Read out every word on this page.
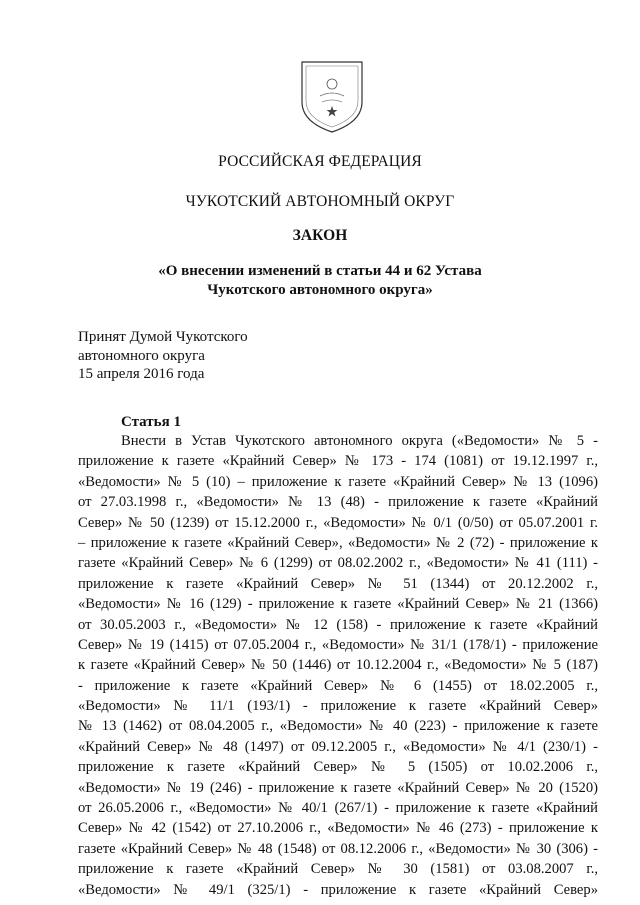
РОССИЙСКАЯ ФЕДЕРАЦИЯ
ЧУКОТСКИЙ АВТОНОМНЫЙ ОКРУГ
ЗАКОН
«О внесении изменений в статьи 44 и 62 Устава
Чукотского автономного округа»
Принят Думой Чукотского
автономного округа
15 апреля 2016 года
Статья 1
Внести в Устав Чукотского автономного округа («Ведомости» № 5 -
приложение к газете «Крайний Север» № 173 - 174 (1081) от 19.12.1997 г.,
«Ведомости» № 5 (10) – приложение к газете «Крайний Север» № 13 (1096)
от 27.03.1998 г., «Ведомости» № 13 (48) - приложение к газете «Крайний
Север» № 50 (1239) от 15.12.2000 г., «Ведомости» № 0/1 (0/50) от 05.07.2001 г.
– приложение к газете «Крайний Север», «Ведомости» № 2 (72) - приложение к
газете «Крайний Север» № 6 (1299) от 08.02.2002 г., «Ведомости» № 41 (111) -
приложение к газете «Крайний Север» № 51 (1344) от 20.12.2002 г.,
«Ведомости» № 16 (129) - приложение к газете «Крайний Север» № 21 (1366)
от 30.05.2003 г., «Ведомости» № 12 (158) - приложение к газете «Крайний
Север» № 19 (1415) от 07.05.2004 г., «Ведомости» № 31/1 (178/1) - приложение
к газете «Крайний Север» № 50 (1446) от 10.12.2004 г., «Ведомости» № 5 (187)
- приложение к газете «Крайний Север» № 6 (1455) от 18.02.2005 г.,
«Ведомости» № 11/1 (193/1) - приложение к газете «Крайний Север»
№ 13 (1462) от 08.04.2005 г., «Ведомости» № 40 (223) - приложение к газете
«Крайний Север» № 48 (1497) от 09.12.2005 г., «Ведомости» № 4/1 (230/1) -
приложение к газете «Крайний Север» № 5 (1505) от 10.02.2006 г.,
«Ведомости» № 19 (246) - приложение к газете «Крайний Север» № 20 (1520)
от 26.05.2006 г., «Ведомости» № 40/1 (267/1) - приложение к газете «Крайний
Север» № 42 (1542) от 27.10.2006 г., «Ведомости» № 46 (273) - приложение к
газете «Крайний Север» № 48 (1548) от 08.12.2006 г., «Ведомости» № 30 (306) -
приложение к газете «Крайний Север» № 30 (1581) от 03.08.2007 г.,
«Ведомости» № 49/1 (325/1) - приложение к газете «Крайний Север»
